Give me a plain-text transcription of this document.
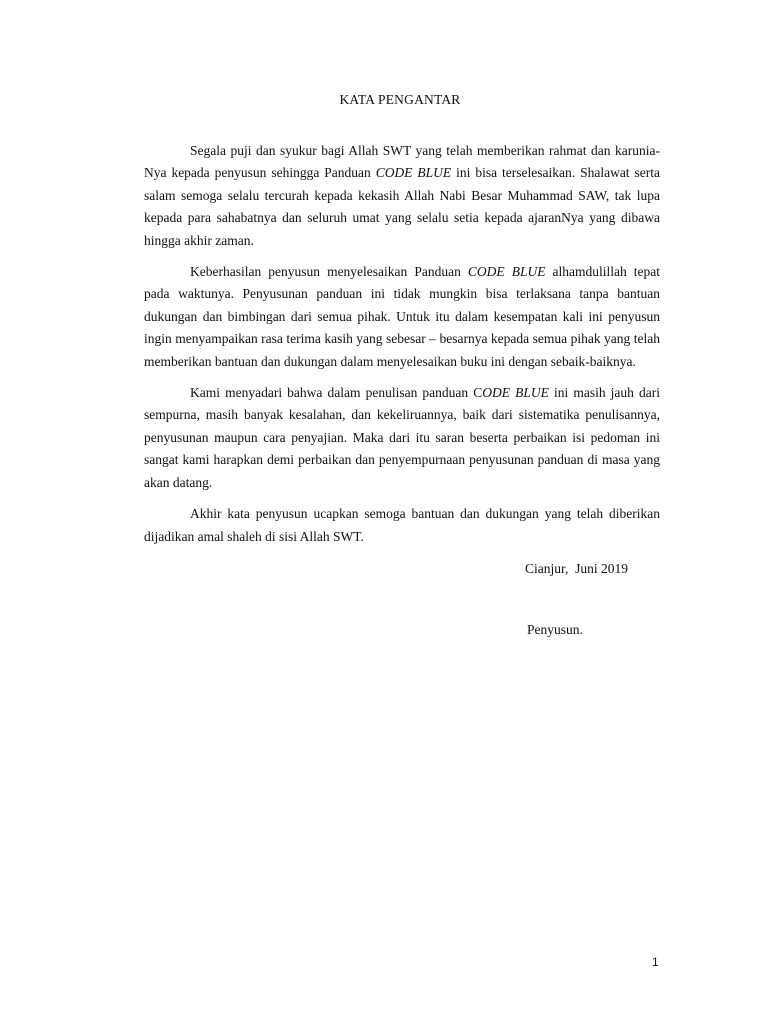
KATA PENGANTAR

Segala puji dan syukur bagi Allah SWT yang telah memberikan rahmat dan karunia-Nya kepada penyusun sehingga Panduan CODE BLUE ini bisa terselesaikan. Shalawat serta salam semoga selalu tercurah kepada kekasih Allah Nabi Besar Muhammad SAW, tak lupa kepada para sahabatnya dan seluruh umat yang selalu setia kepada ajaranNya yang dibawa hingga akhir zaman.

Keberhasilan penyusun menyelesaikan Panduan CODE BLUE alhamdulillah tepat pada waktunya. Penyusunan panduan ini tidak mungkin bisa terlaksana tanpa bantuan dukungan dan bimbingan dari semua pihak. Untuk itu dalam kesempatan kali ini penyusun ingin menyampaikan rasa terima kasih yang sebesar – besarnya kepada semua pihak yang telah memberikan bantuan dan dukungan dalam menyelesaikan buku ini dengan sebaik-baiknya.

Kami menyadari bahwa dalam penulisan panduan CODE BLUE ini masih jauh dari sempurna, masih banyak kesalahan, dan kekeliruannya, baik dari sistematika penulisannya, penyusunan maupun cara penyajian. Maka dari itu saran beserta perbaikan isi pedoman ini sangat kami harapkan demi perbaikan dan penyempurnaan penyusunan panduan di masa yang akan datang.

Akhir kata penyusun ucapkan semoga bantuan dan dukungan yang telah diberikan dijadikan amal shaleh di sisi Allah SWT.

Cianjur,  Juni 2019
Penyusun.
1
